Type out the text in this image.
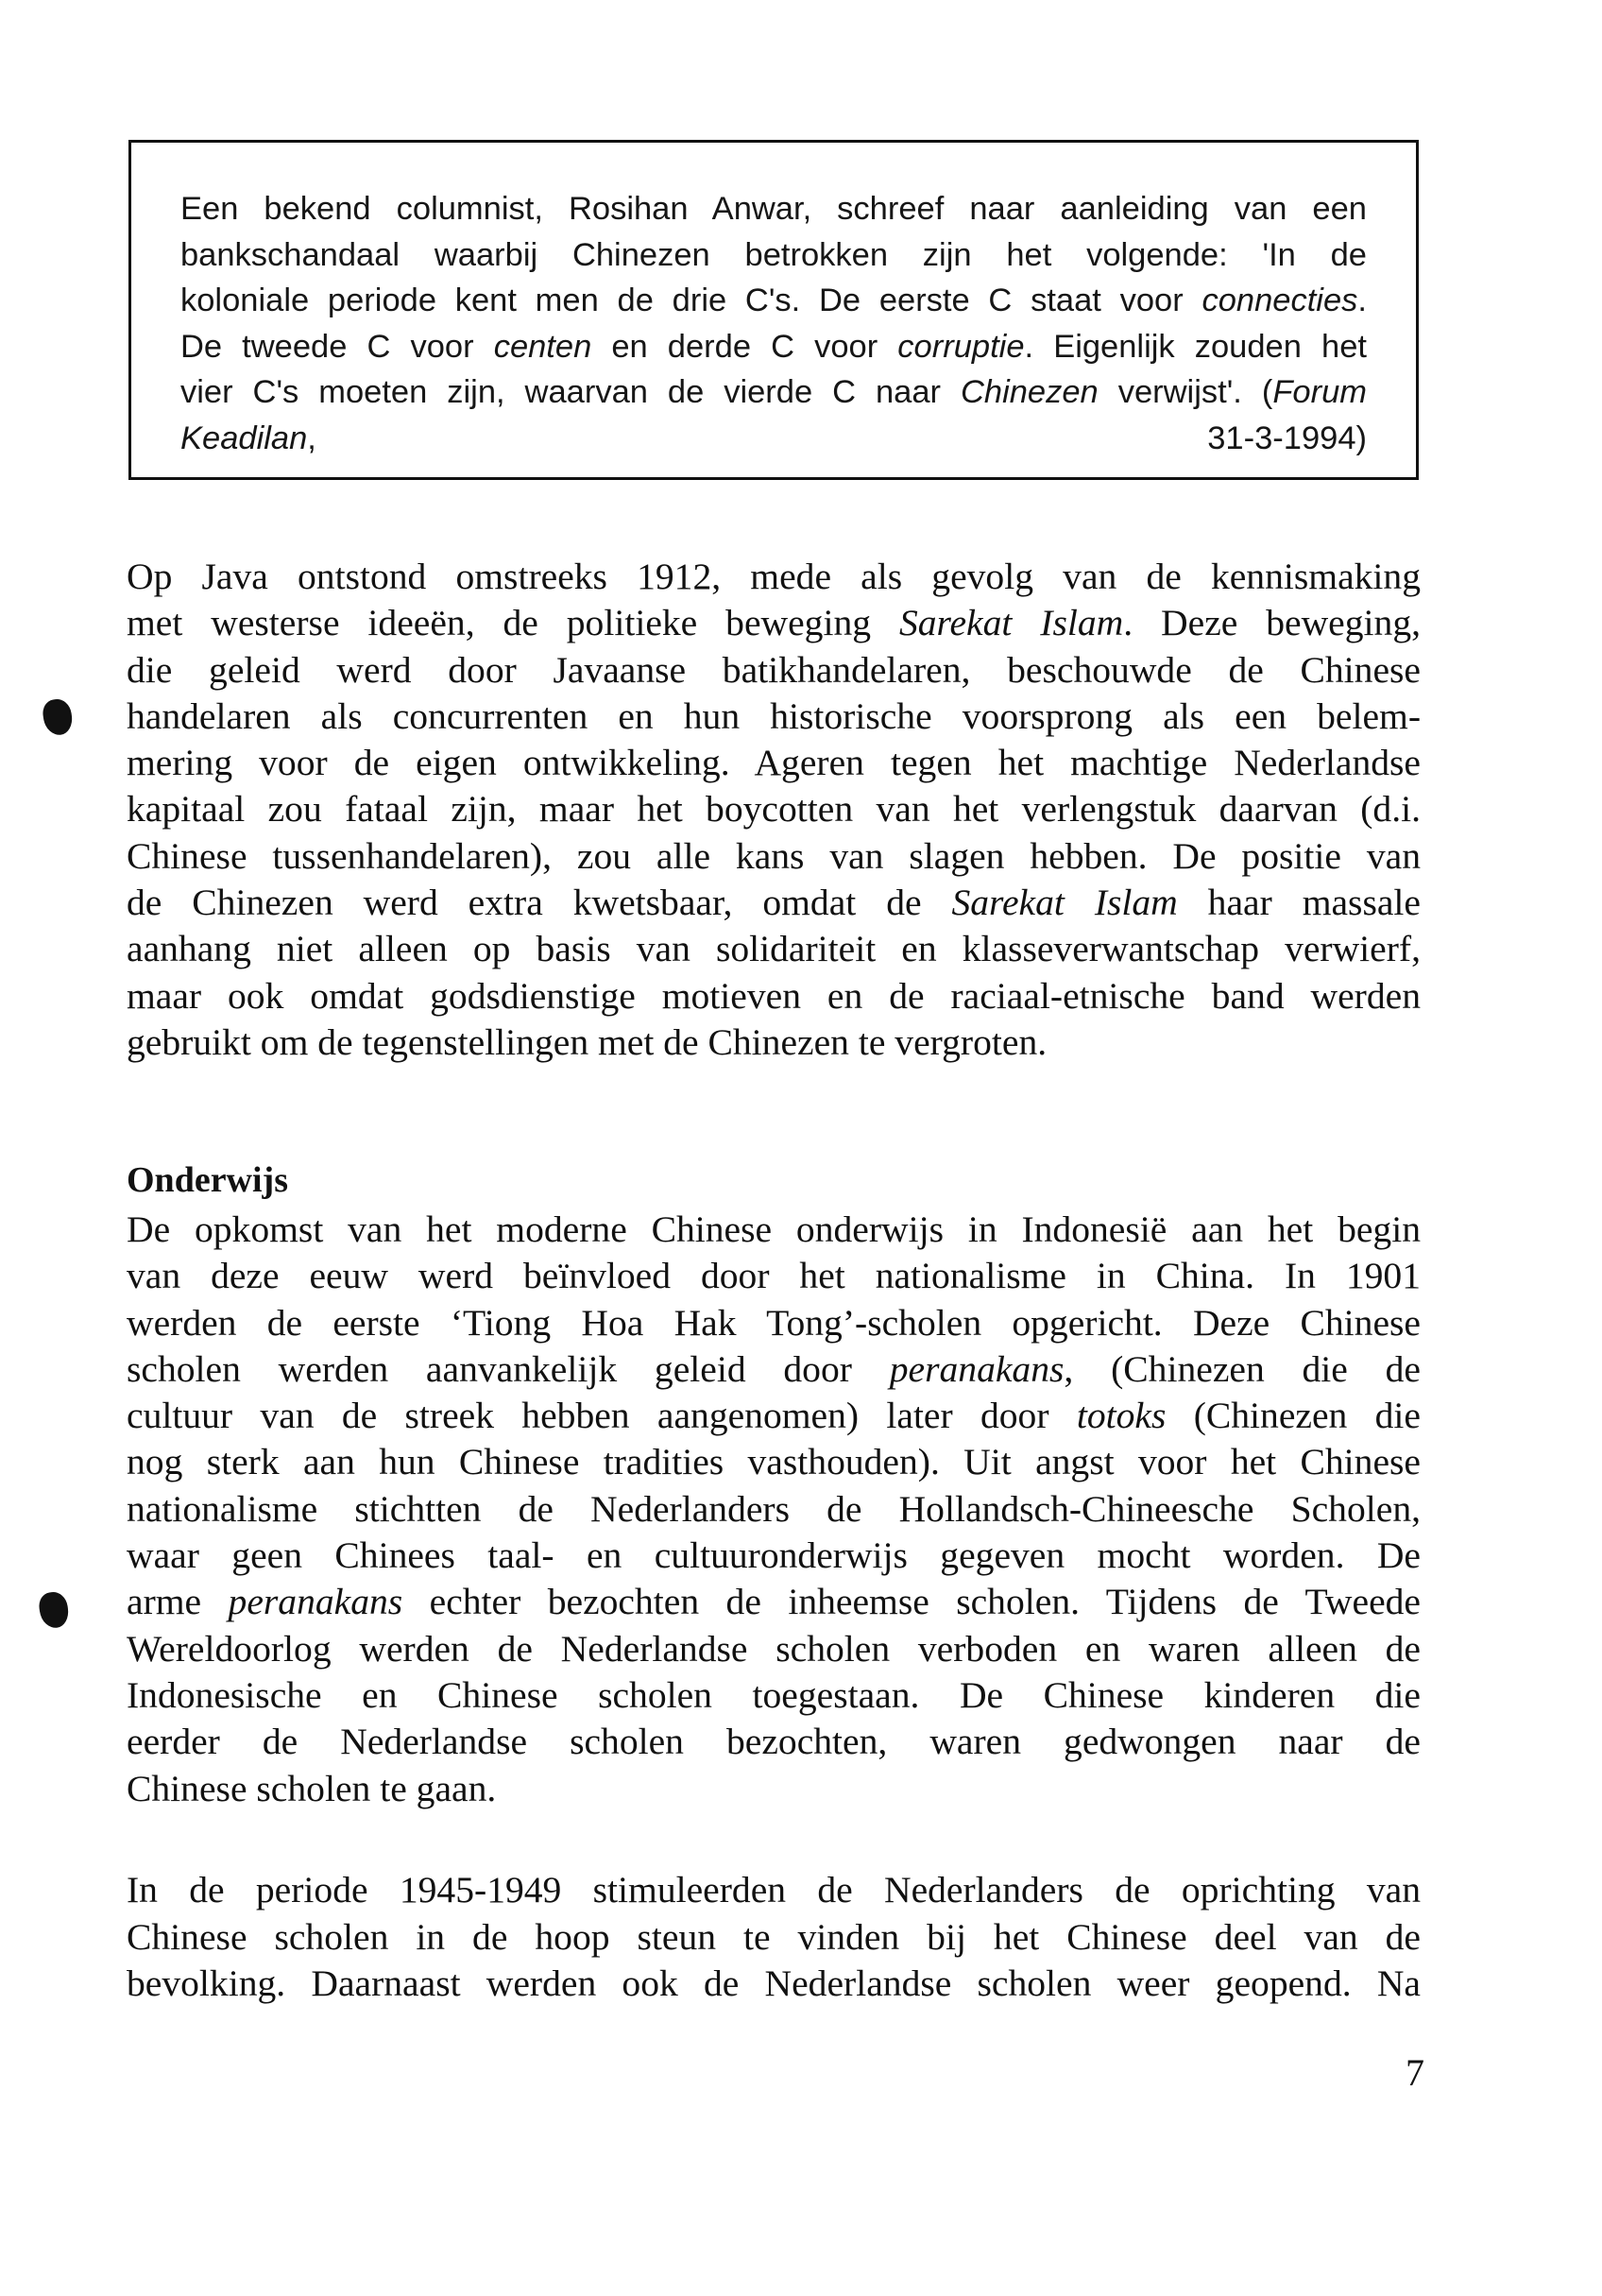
Een bekend columnist, Rosihan Anwar, schreef naar aanleiding van een

bankschandaal waarbij Chinezen betrokken zijn het volgende: 'In de

koloniale periode kent men de drie C's. De eerste C staat voor connecties.

De tweede C voor centen en derde C voor corruptie. Eigenlijk zouden het

vier C's moeten zijn, waarvan de vierde C naar Chinezen verwijst'. (Forum

Keadilan, 31-3-1994)

Op Java ontstond omstreeks 1912, mede als gevolg van de kennismaking

met westerse ideeën, de politieke beweging Sarekat Islam. Deze beweging,

die geleid werd door Javaanse batikhandelaren, beschouwde de Chinese

handelaren als concurrenten en hun historische voorsprong als een belem-

mering voor de eigen ontwikkeling. Ageren tegen het machtige Nederlandse

kapitaal zou fataal zijn, maar het boycotten van het verlengstuk daarvan (d.i.

Chinese tussenhandelaren), zou alle kans van slagen hebben. De positie van

de Chinezen werd extra kwetsbaar, omdat de Sarekat Islam haar massale

aanhang niet alleen op basis van solidariteit en klasseverwantschap verwierf,

maar ook omdat godsdienstige motieven en de raciaal-etnische band werden

gebruikt om de tegenstellingen met de Chinezen te vergroten.

Onderwijs

De opkomst van het moderne Chinese onderwijs in Indonesië aan het begin

van deze eeuw werd beïnvloed door het nationalisme in China. In 1901

werden de eerste ‘Tiong Hoa Hak Tong’-scholen opgericht. Deze Chinese

scholen werden aanvankelijk geleid door peranakans, (Chinezen die de

cultuur van de streek hebben aangenomen) later door totoks (Chinezen die

nog sterk aan hun Chinese tradities vasthouden). Uit angst voor het Chinese

nationalisme stichtten de Nederlanders de Hollandsch-Chineesche Scholen,

waar geen Chinees taal- en cultuuronderwijs gegeven mocht worden. De

arme peranakans echter bezochten de inheemse scholen. Tijdens de Tweede

Wereldoorlog werden de Nederlandse scholen verboden en waren alleen de

Indonesische en Chinese scholen toegestaan. De Chinese kinderen die

eerder de Nederlandse scholen bezochten, waren gedwongen naar de

Chinese scholen te gaan.

In de periode 1945-1949 stimuleerden de Nederlanders de oprichting van

Chinese scholen in de hoop steun te vinden bij het Chinese deel van de

bevolking. Daarnaast werden ook de Nederlandse scholen weer geopend. Na

7
